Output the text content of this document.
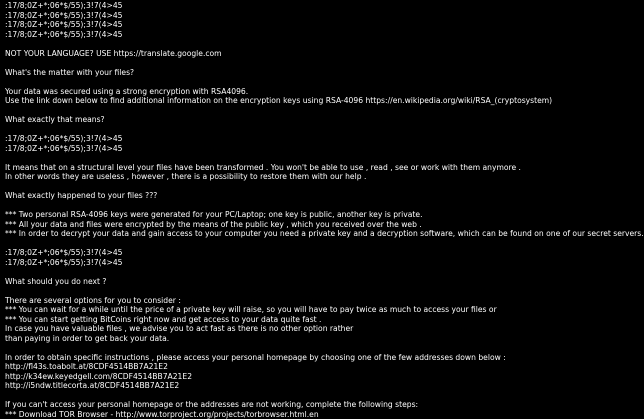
:17/8;0Z+*;06*$/55);3!7(4>45
:17/8;0Z+*;06*$/55);3!7(4>45
:17/8;0Z+*;06*$/55);3!7(4>45
:17/8;0Z+*;06*$/55);3!7(4>45
NOT YOUR LANGUAGE? USE https://translate.google.com
What's the matter with your files?
Your data was secured using a strong encryption with RSA4096.
Use the link down below to find additional information on the encryption keys using RSA-4096 https://en.wikipedia.org/wiki/RSA_(cryptosystem)
What exactly that means?
:17/8;0Z+*;06*$/55);3!7(4>45
:17/8;0Z+*;06*$/55);3!7(4>45
It means that on a structural level your files have been transformed . You won't be able to use , read , see or work with them anymore .
In other words they are useless , however , there is a possibility to restore them with our help .
What exactly happened to your files ???
*** Two personal RSA-4096 keys were generated for your PC/Laptop; one key is public, another key is private.
*** All your data and files were encrypted by the means of the public key , which you received over the web .
*** In order to decrypt your data and gain access to your computer you need a private key and a decryption software, which can be found on one of our secret servers.
:17/8;0Z+*;06*$/55);3!7(4>45
:17/8;0Z+*;06*$/55);3!7(4>45
What should you do next ?
There are several options for you to consider :
*** You can wait for a while until the price of a private key will raise, so you will have to pay twice as much to access your files or
*** You can start getting BitCoins right now and get access to your data quite fast .
In case you have valuable files , we advise you to act fast as there is no other option rather
than paying in order to get back your data.
In order to obtain specific instructions , please access your personal homepage by choosing one of the few addresses down below :
http://fl43s.toabolt.at/8CDF4514BB7A21E2
http://k34ew.keyedgell.com/8CDF4514BB7A21E2
http://i5ndw.titlecorta.at/8CDF4514BB7A21E2
If you can't access your personal homepage or the addresses are not working, complete the following steps:
*** Download TOR Browser - http://www.torproject.org/projects/torbrowser.html.en
